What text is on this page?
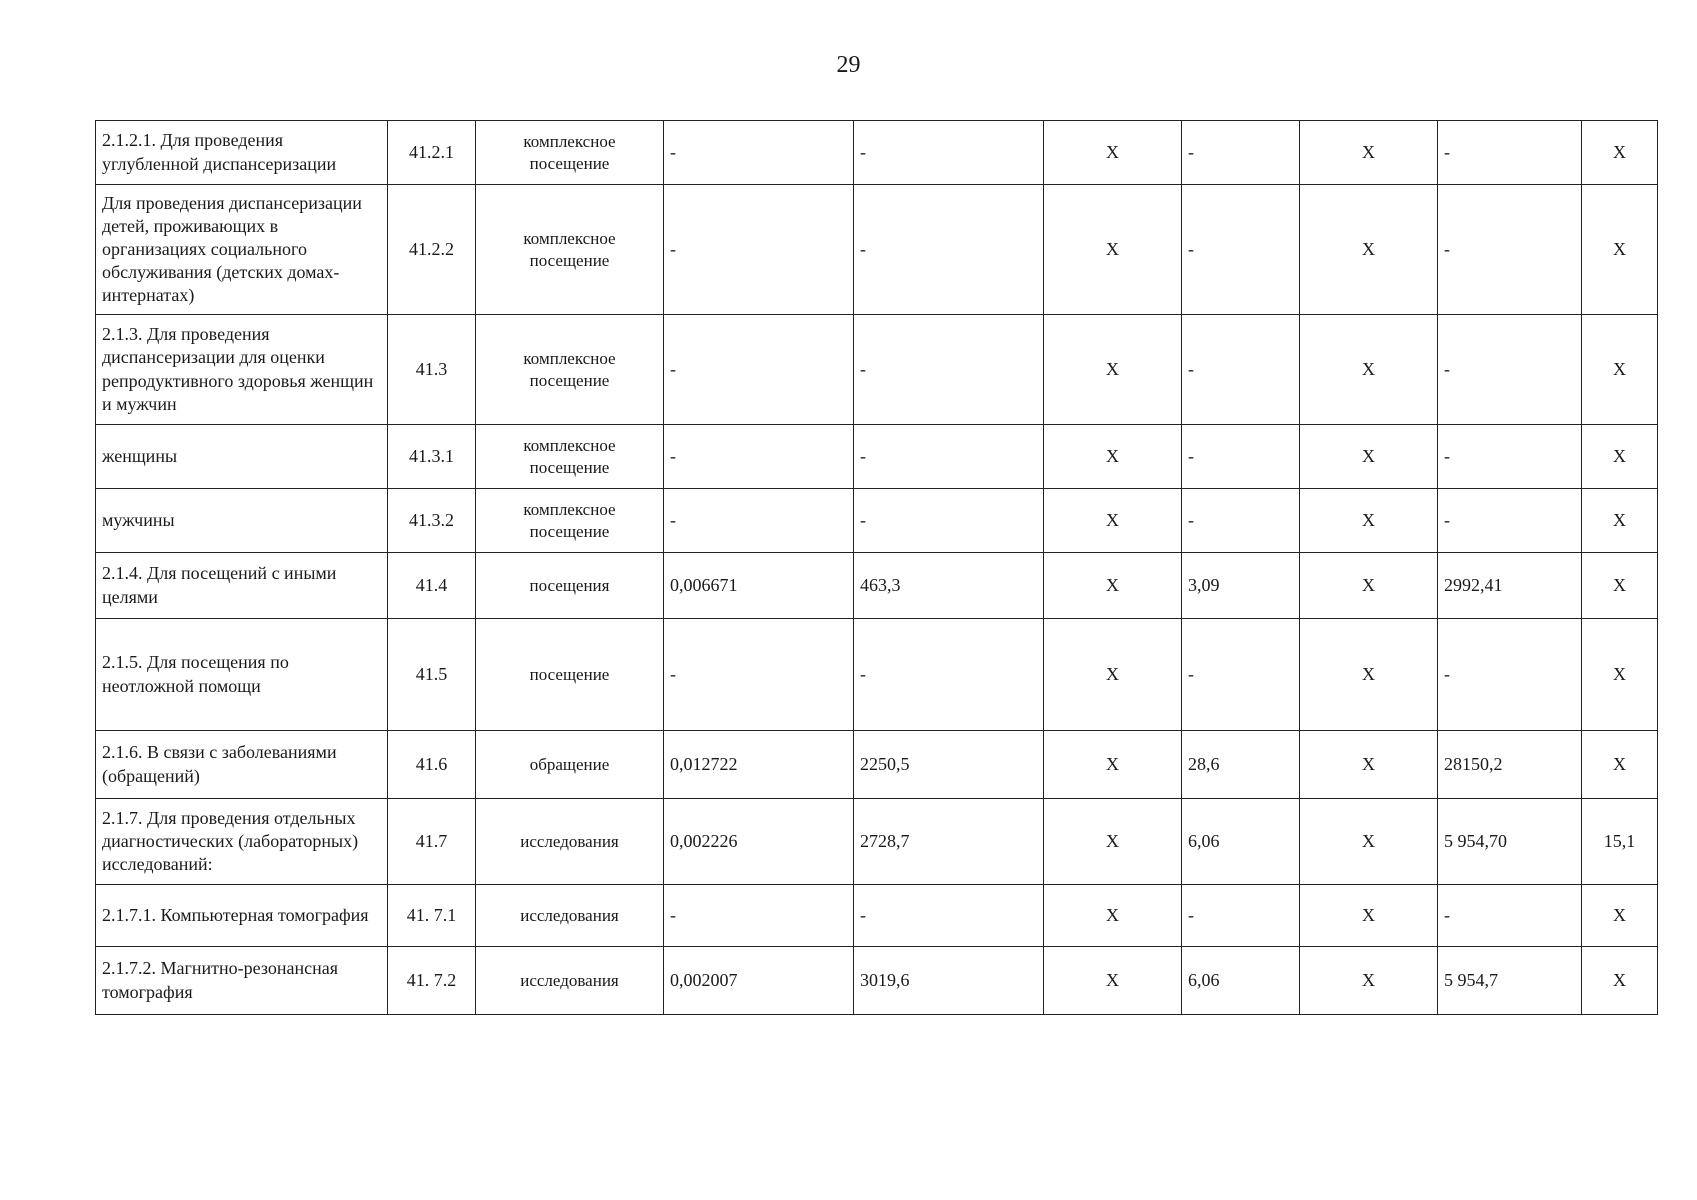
29
2.1.2.1. Для проведения углубленной диспансеризации	41.2.1	комплексное посещение	-	-	X	-	X	-	X
Для проведения диспансеризации детей, проживающих в организациях социального обслуживания (детских домах-интернатах)	41.2.2	комплексное посещение	-	-	X	-	X	-	X
2.1.3. Для проведения диспансеризации для оценки репродуктивного здоровья женщин и мужчин	41.3	комплексное посещение	-	-	X	-	X	-	X
женщины	41.3.1	комплексное посещение	-	-	X	-	X	-	X
мужчины	41.3.2	комплексное посещение	-	-	X	-	X	-	X
2.1.4. Для посещений с иными целями	41.4	посещения	0,006671	463,3	X	3,09	X	2992,41	X
2.1.5. Для посещения по неотложной помощи	41.5	посещение	-	-	X	-	X	-	X
2.1.6. В связи с заболеваниями (обращений)	41.6	обращение	0,012722	2250,5	X	28,6	X	28150,2	X
2.1.7. Для проведения отдельных диагностических (лабораторных) исследований:	41.7	исследования	0,002226	2728,7	X	6,06	X	5 954,70	15,1
2.1.7.1. Компьютерная томография	41. 7.1	исследования	-	-	X	-	X	-	X
2.1.7.2. Магнитно-резонансная томография	41. 7.2	исследования	0,002007	3019,6	X	6,06	X	5 954,7	X
